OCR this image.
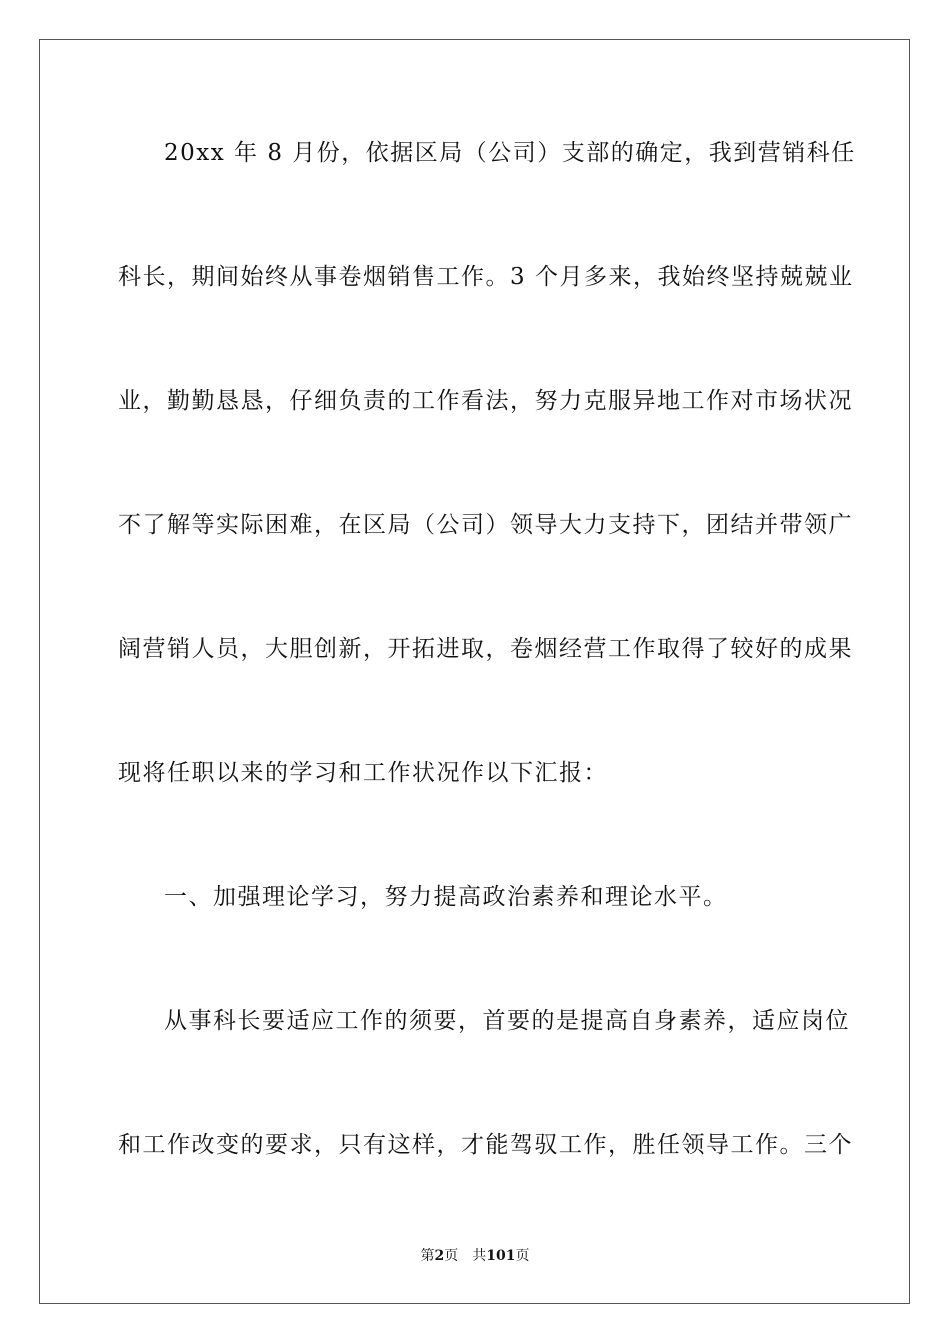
20xx 年 8 月份，依据区局（公司）支部的确定，我到营销科任
科长，期间始终从事卷烟销售工作。3 个月多来，我始终坚持兢兢业
业，勤勤恳恳，仔细负责的工作看法，努力克服异地工作对市场状况
不了解等实际困难，在区局（公司）领导大力支持下，团结并带领广
阔营销人员，大胆创新，开拓进取，卷烟经营工作取得了较好的成果
现将任职以来的学习和工作状况作以下汇报：
一、加强理论学习，努力提高政治素养和理论水平。
从事科长要适应工作的须要，首要的是提高自身素养，适应岗位
和工作改变的要求，只有这样，才能驾驭工作，胜任领导工作。三个
第2页 共101页
